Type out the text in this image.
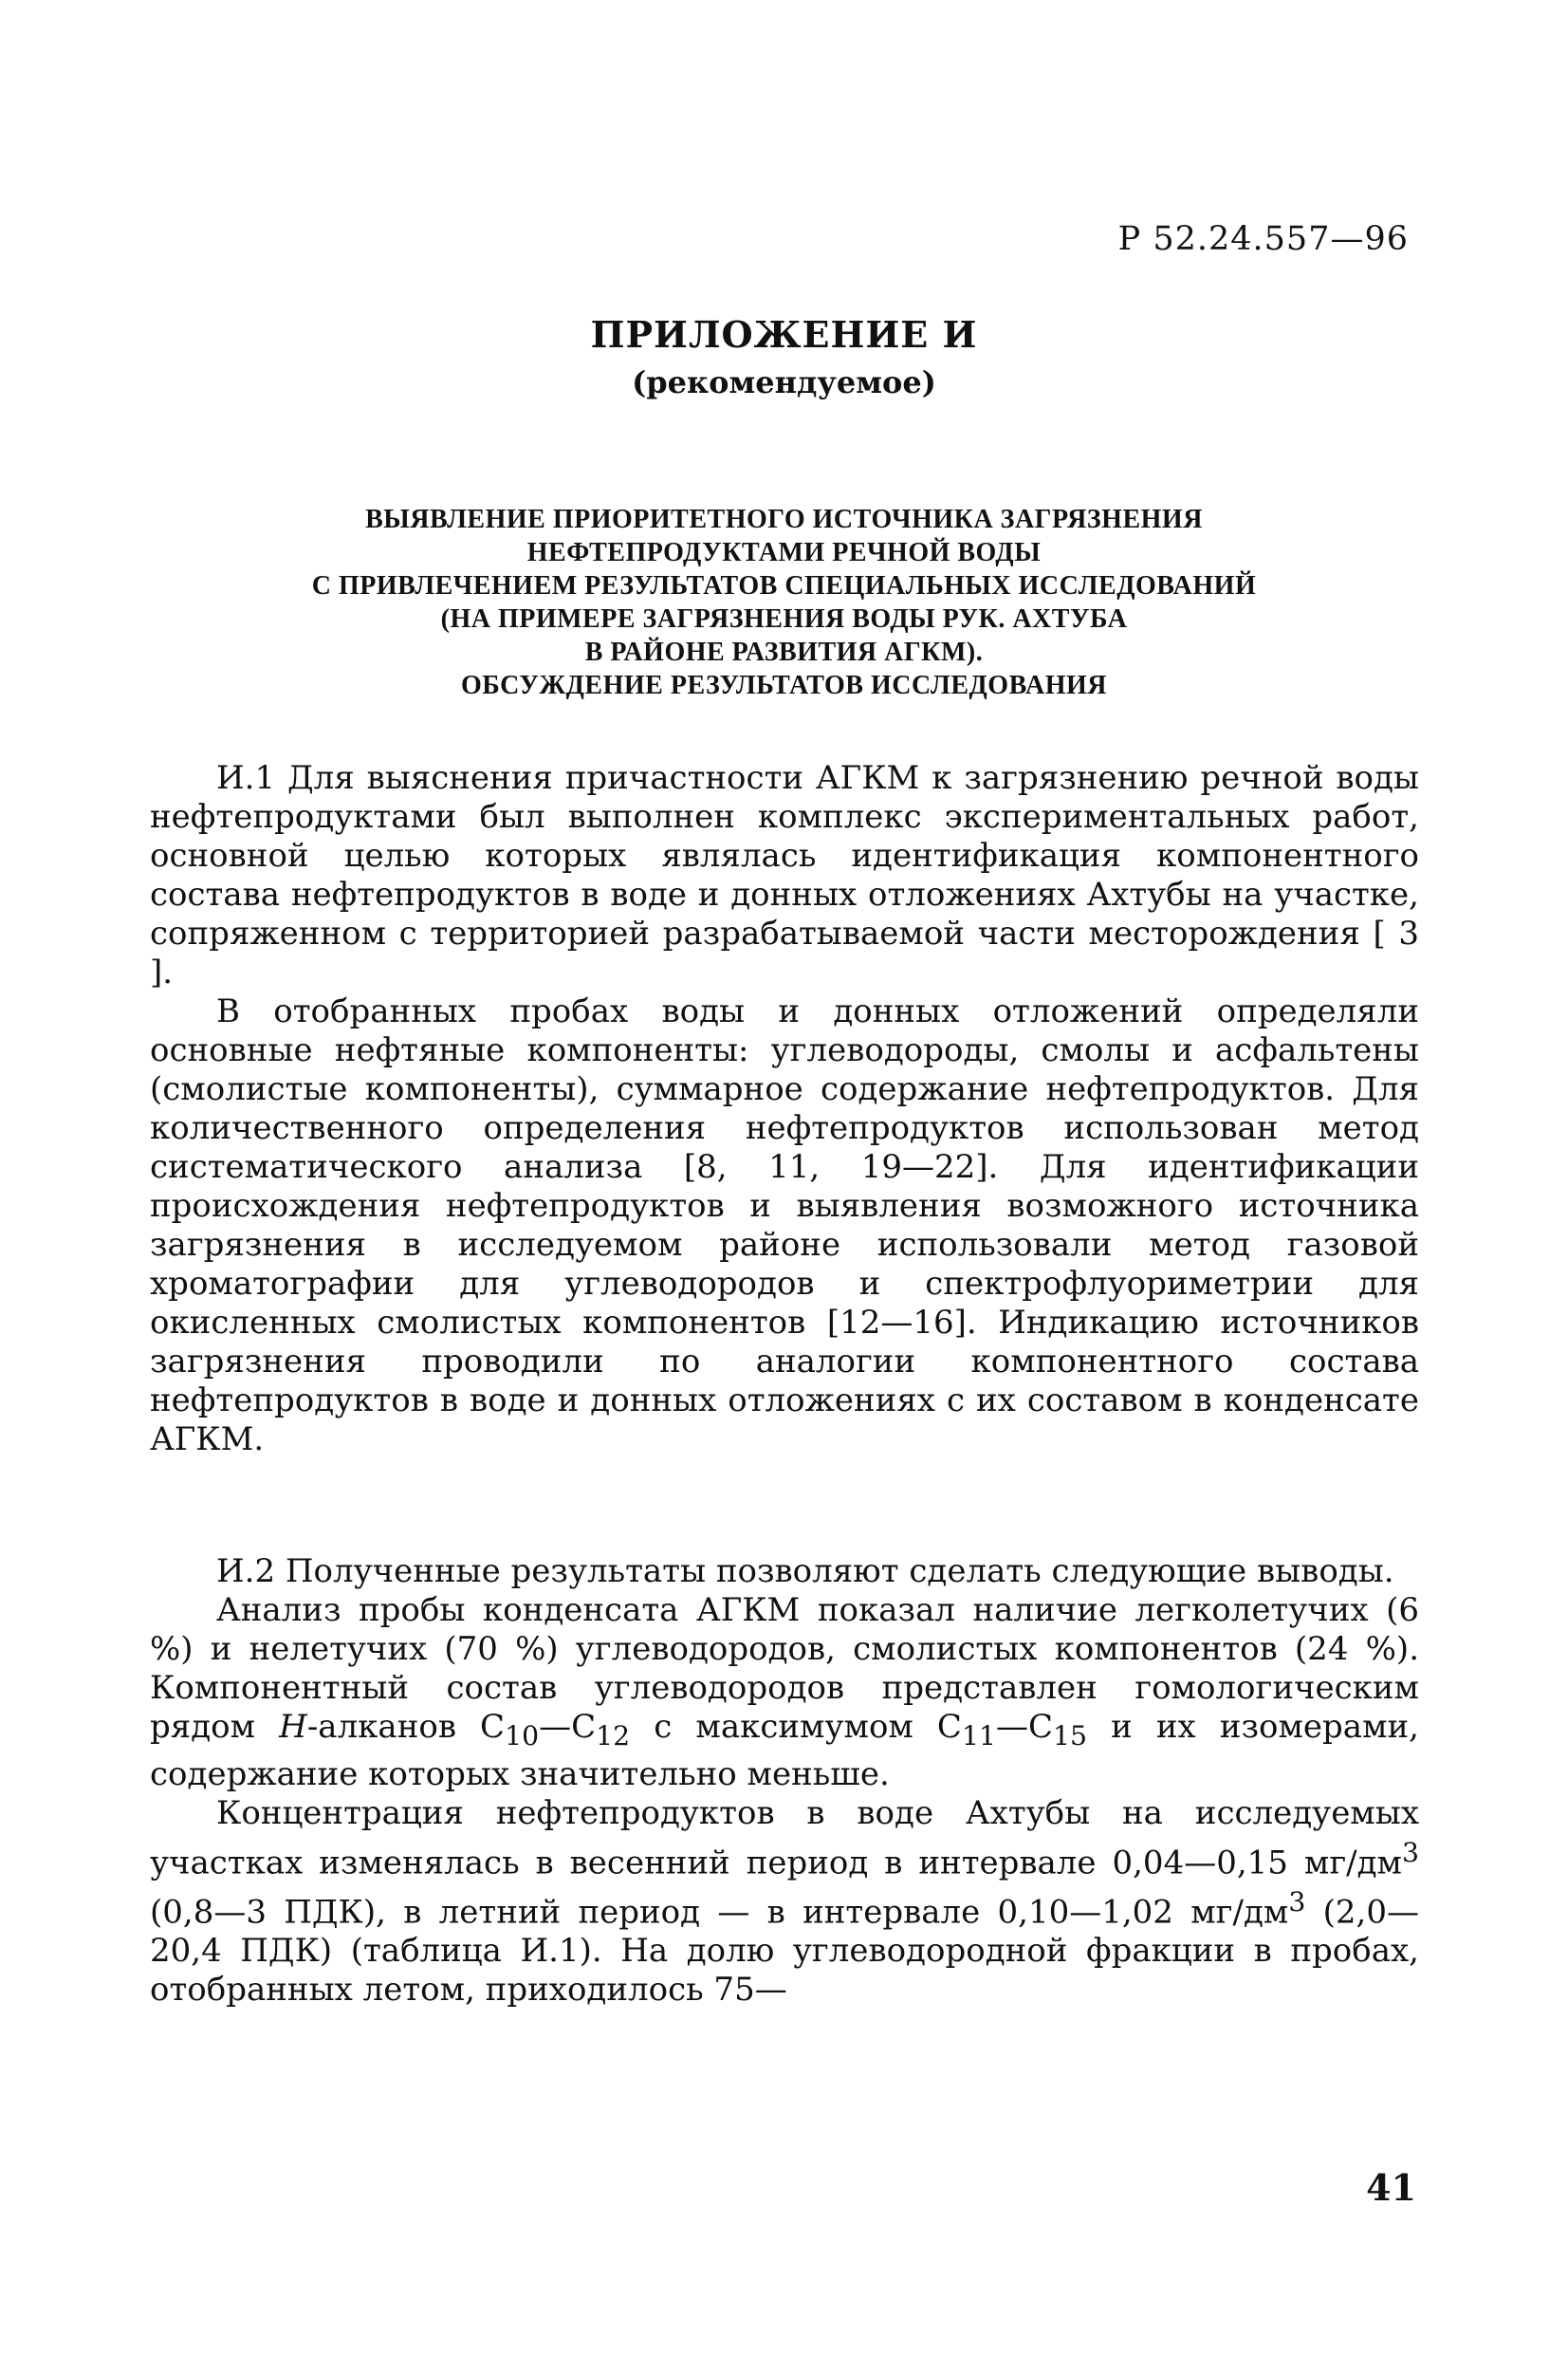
Р 52.24.557—96
ПРИЛОЖЕНИЕ И
(рекомендуемое)
ВЫЯВЛЕНИЕ ПРИОРИТЕТНОГО ИСТОЧНИКА ЗАГРЯЗНЕНИЯ
НЕФТЕПРОДУКТАМИ РЕЧНОЙ ВОДЫ
С ПРИВЛЕЧЕНИЕМ РЕЗУЛЬТАТОВ СПЕЦИАЛЬНЫХ ИССЛЕДОВАНИЙ
(НА ПРИМЕРЕ ЗАГРЯЗНЕНИЯ ВОДЫ РУК. АХТУБА
В РАЙОНЕ РАЗВИТИЯ АГКМ).
ОБСУЖДЕНИЕ РЕЗУЛЬТАТОВ ИССЛЕДОВАНИЯ

И.1 Для выяснения причастности АГКМ к загрязнению речной воды нефтепродуктами был выполнен комплекс экспериментальных работ, основной целью которых являлась идентификация компонентного состава нефтепродуктов в воде и донных отложениях Ахтубы на участке, сопряженном с территорией разрабатываемой части месторождения [ 3 ].

В отобранных пробах воды и донных отложений определяли основные нефтяные компоненты: углеводороды, смолы и асфальтены (смолистые компоненты), суммарное содержание нефтепродуктов. Для количественного определения нефтепродуктов использован метод систематического анализа [8, 11, 19—22]. Для идентификации происхождения нефтепродуктов и выявления возможного источника загрязнения в исследуемом районе использовали метод газовой хроматографии для углеводородов и спектрофлуориметрии для окисленных смолистых компонентов [12—16]. Индикацию источников загрязнения проводили по аналогии компонентного состава нефтепродуктов в воде и донных отложениях с их составом в конденсате АГКМ.

И.2 Полученные результаты позволяют сделать следующие выводы.

Анализ пробы конденсата АГКМ показал наличие легколетучих (6 %) и нелетучих (70 %) углеводородов, смолистых компонентов (24 %). Компонентный состав углеводородов представлен гомологическим рядом Н-алканов $С_{10}—С_{12}$ с максимумом $С_{11}—С_{15}$ и их изомерами, содержание которых значительно меньше.

Концентрация нефтепродуктов в воде Ахтубы на исследуемых участках изменялась в весенний период в интервале 0,04—0,15 $мг/дм^3$ (0,8—3 ПДК), в летний период — в интервале 0,10—1,02 $мг/дм^3$ (2,0—20,4 ПДК) (таблица И.1). На долю углеводородной фракции в пробах, отобранных летом, приходилось 75—

41
